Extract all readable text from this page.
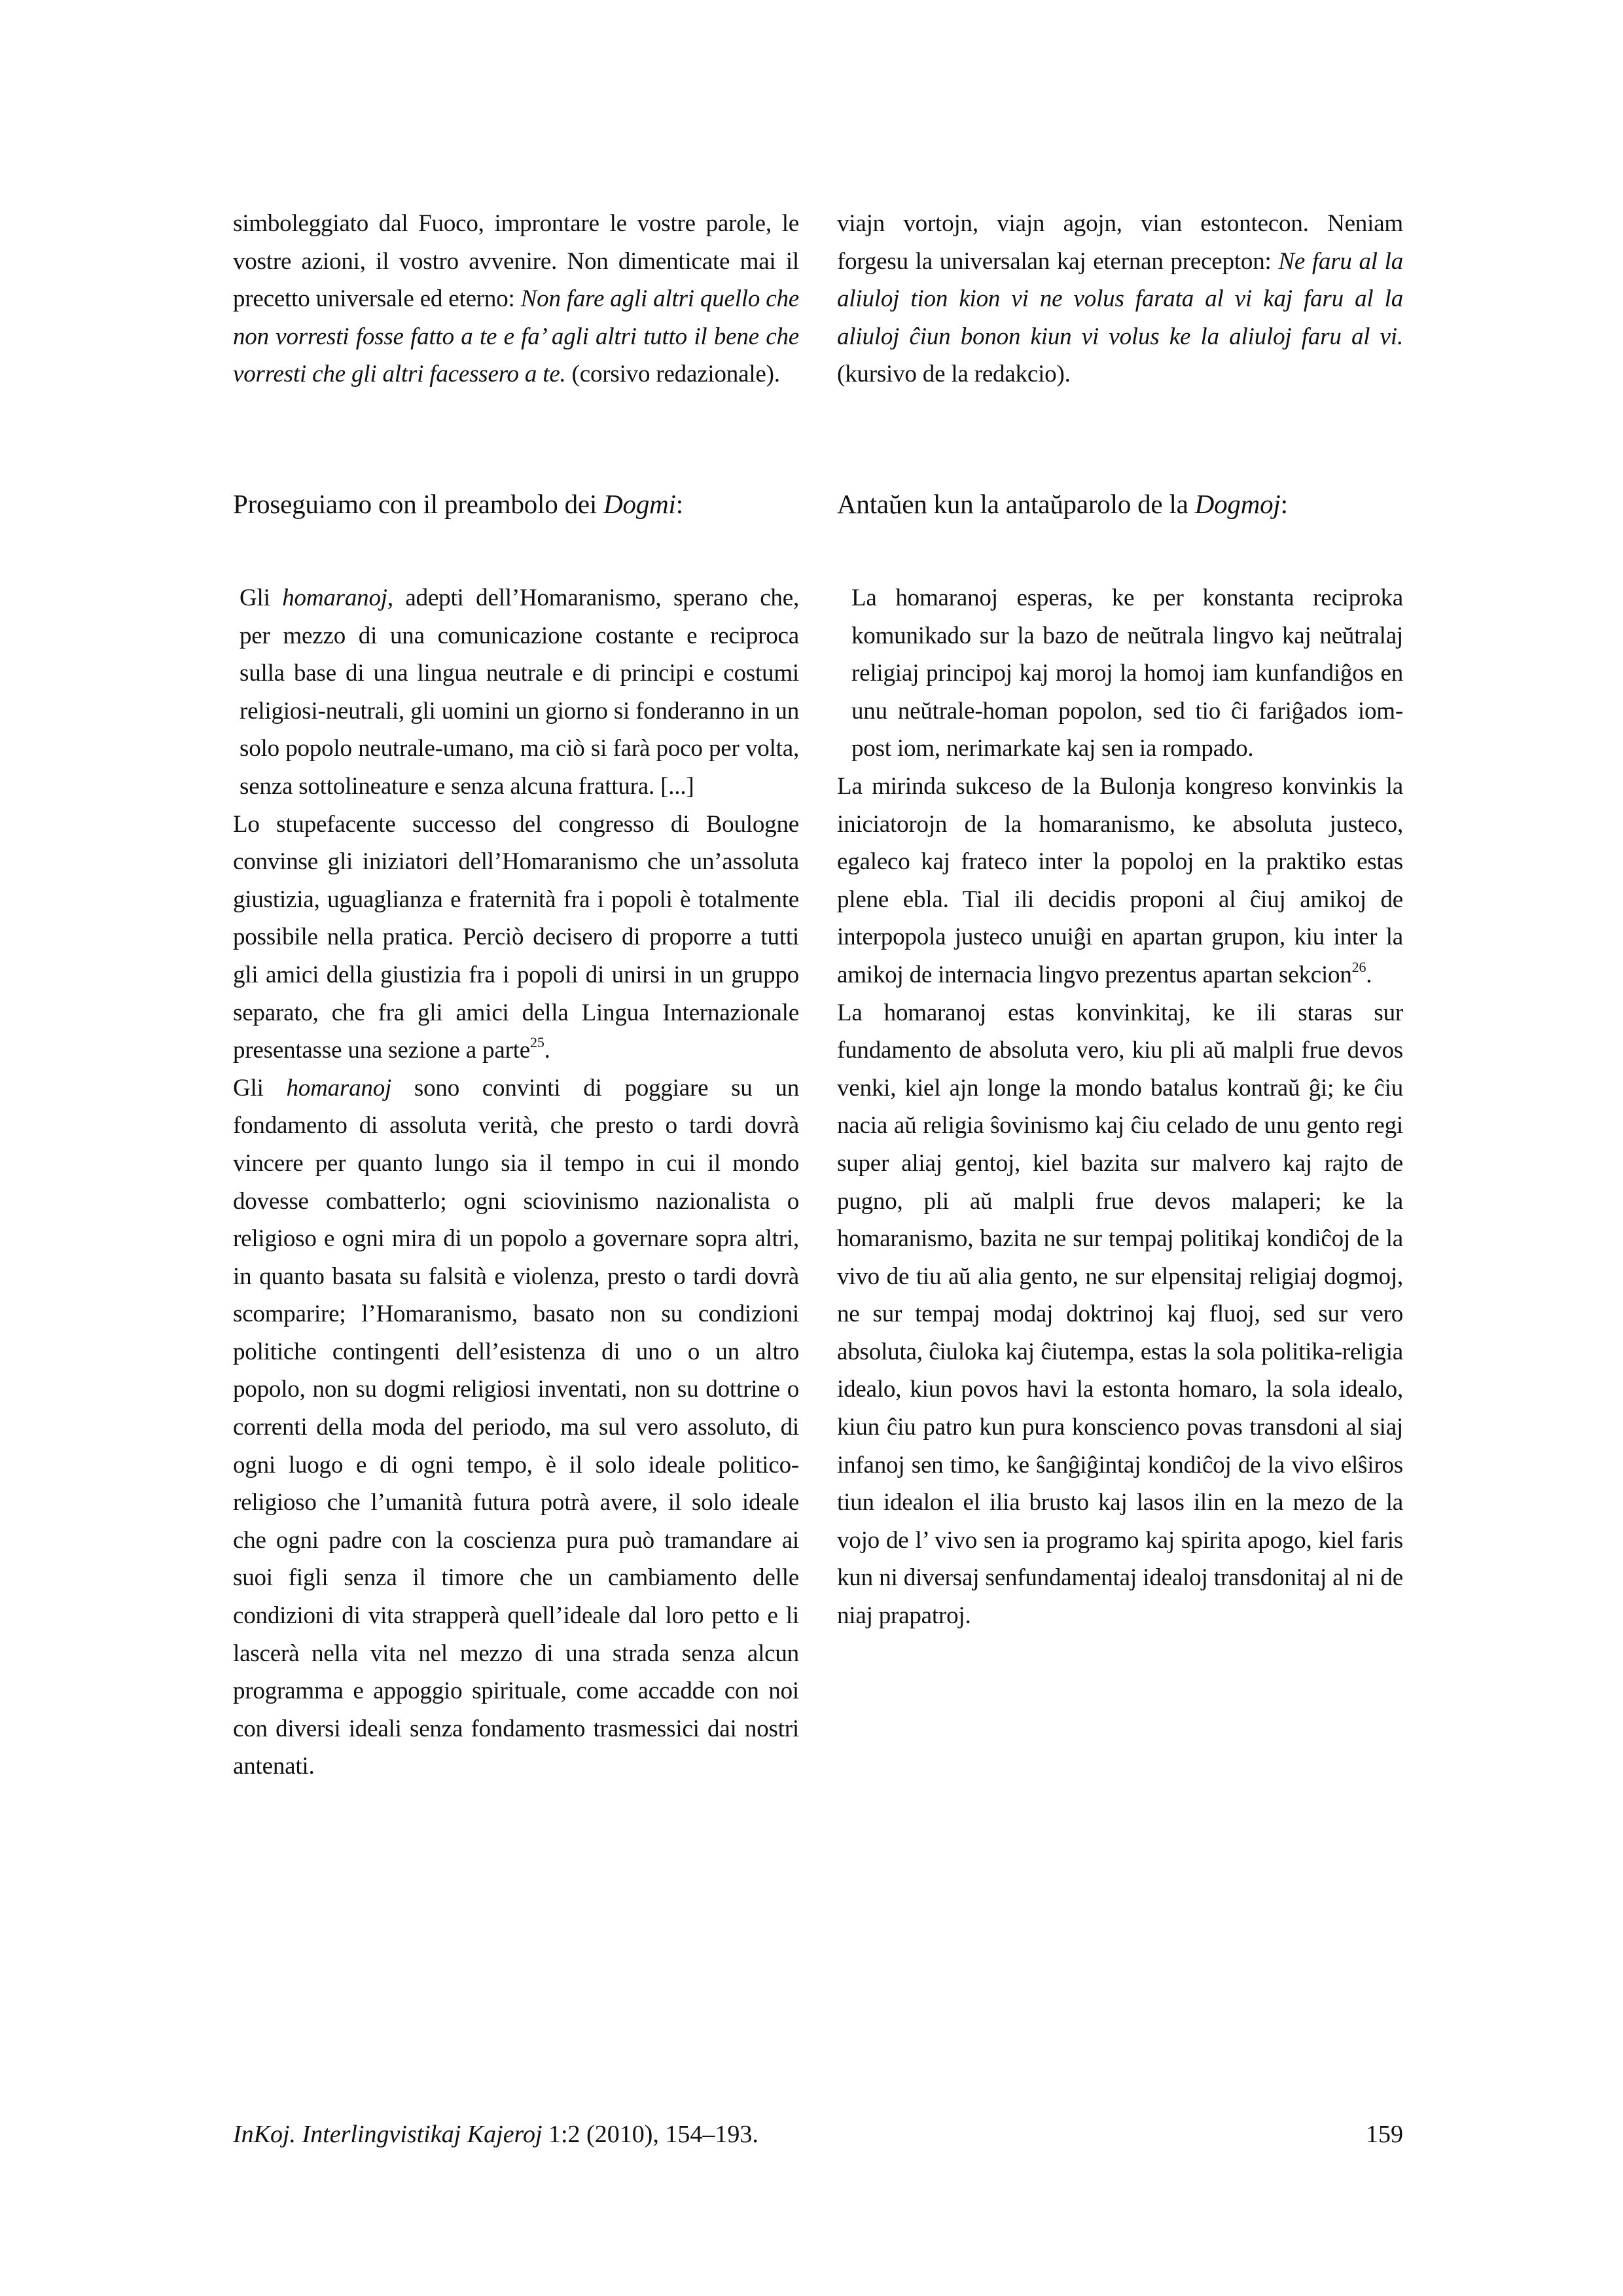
simboleggiato dal Fuoco, improntare le vostre parole, le vostre azioni, il vostro avvenire. Non dimenticate mai il precetto universale ed eterno: Non fare agli altri quello che non vorresti fosse fatto a te e fa’ agli altri tutto il bene che vorresti che gli altri facessero a te. (corsivo redazionale).

viajn vortojn, viajn agojn, vian estontecon. Neniam forgesu la universalan kaj eternan precepton: Ne faru al la aliuloj tion kion vi ne volus farata al vi kaj faru al la aliuloj ĉiun bonon kiun vi volus ke la aliuloj faru al vi. (kursivo de la redakcio).

Proseguiamo con il preambolo dei Dogmi:	Antaŭen kun la antaŭparolo de la Dogmoj:

Gli homaranoj, adepti dell’Homaranismo, sperano che, per mezzo di una comunicazione costante e reciproca sulla base di una lingua neutrale e di principi e costumi religiosi-neutrali, gli uomini un giorno si fonderanno in un solo popolo neutrale-umano, ma ciò si farà poco per volta, senza sottolineature e senza alcuna frattura. [...]

Lo stupefacente successo del congresso di Boulogne convinse gli iniziatori dell’Homaranismo che un’assoluta giustizia, uguaglianza e fraternità fra i popoli è totalmente possibile nella pratica. Perciò decisero di proporre a tutti gli amici della giustizia fra i popoli di unirsi in un gruppo separato, che fra gli amici della Lingua Internazionale presentasse una sezione a parte$^{25}$.

Gli homaranoj sono convinti di poggiare su un fondamento di assoluta verità, che presto o tardi dovrà vincere per quanto lungo sia il tempo in cui il mondo dovesse combatterlo; ogni sciovinismo nazionalista o religioso e ogni mira di un popolo a governare sopra altri, in quanto basata su falsità e violenza, presto o tardi dovrà scomparire; l’Homaranismo, basato non su condizioni politiche contingenti dell’esistenza di uno o un altro popolo, non su dogmi religiosi inventati, non su dottrine o correnti della moda del periodo, ma sul vero assoluto, di ogni luogo e di ogni tempo, è il solo ideale politico-religioso che l’umanità futura potrà avere, il solo ideale che ogni padre con la coscienza pura può tramandare ai suoi figli senza il timore che un cambiamento delle condizioni di vita strapperà quell’ideale dal loro petto e li lascerà nella vita nel mezzo di una strada senza alcun programma e appoggio spirituale, come accadde con noi con diversi ideali senza fondamento trasmessici dai nostri antenati.

La homaranoj esperas, ke per konstanta reciproka komunikado sur la bazo de neŭtrala lingvo kaj neŭtralaj religiaj principoj kaj moroj la homoj iam kunfandiĝos en unu neŭtrale-homan popolon, sed tio ĉi fariĝados iom-post iom, nerimarkate kaj sen ia rompado.

La mirinda sukceso de la Bulonja kongreso konvinkis la iniciatorojn de la homaranismo, ke absoluta justeco, egaleco kaj frateco inter la popoloj en la praktiko estas plene ebla. Tial ili decidis proponi al ĉiuj amikoj de interpopola justeco unuiĝi en apartan grupon, kiu inter la amikoj de internacia lingvo prezentus apartan sekcion$^{26}$.

La homaranoj estas konvinkitaj, ke ili staras sur fundamento de absoluta vero, kiu pli aŭ malpli frue devos venki, kiel ajn longe la mondo batalus kontraŭ ĝi; ke ĉiu nacia aŭ religia ŝovinismo kaj ĉiu celado de unu gento regi super aliaj gentoj, kiel bazita sur malvero kaj rajto de pugno, pli aŭ malpli frue devos malaperi; ke la homaranismo, bazita ne sur tempaj politikaj kondiĉoj de la vivo de tiu aŭ alia gento, ne sur elpensitaj religiaj dogmoj, ne sur tempaj modaj doktrinoj kaj fluoj, sed sur vero absoluta, ĉiuloka kaj ĉiutempa, estas la sola politika-religia idealo, kiun povos havi la estonta homaro, la sola idealo, kiun ĉiu patro kun pura konscienco povas transdoni al siaj infanoj sen timo, ke ŝanĝiĝintaj kondiĉoj de la vivo elŝiros tiun idealon el ilia brusto kaj lasos ilin en la mezo de la vojo de l’ vivo sen ia programo kaj spirita apogo, kiel faris kun ni diversaj senfundamentaj idealoj transdonitaj al ni de niaj prapatroj.

InKoj. Interlingvistikaj Kajeroj 1:2 (2010), 154–193.	159
